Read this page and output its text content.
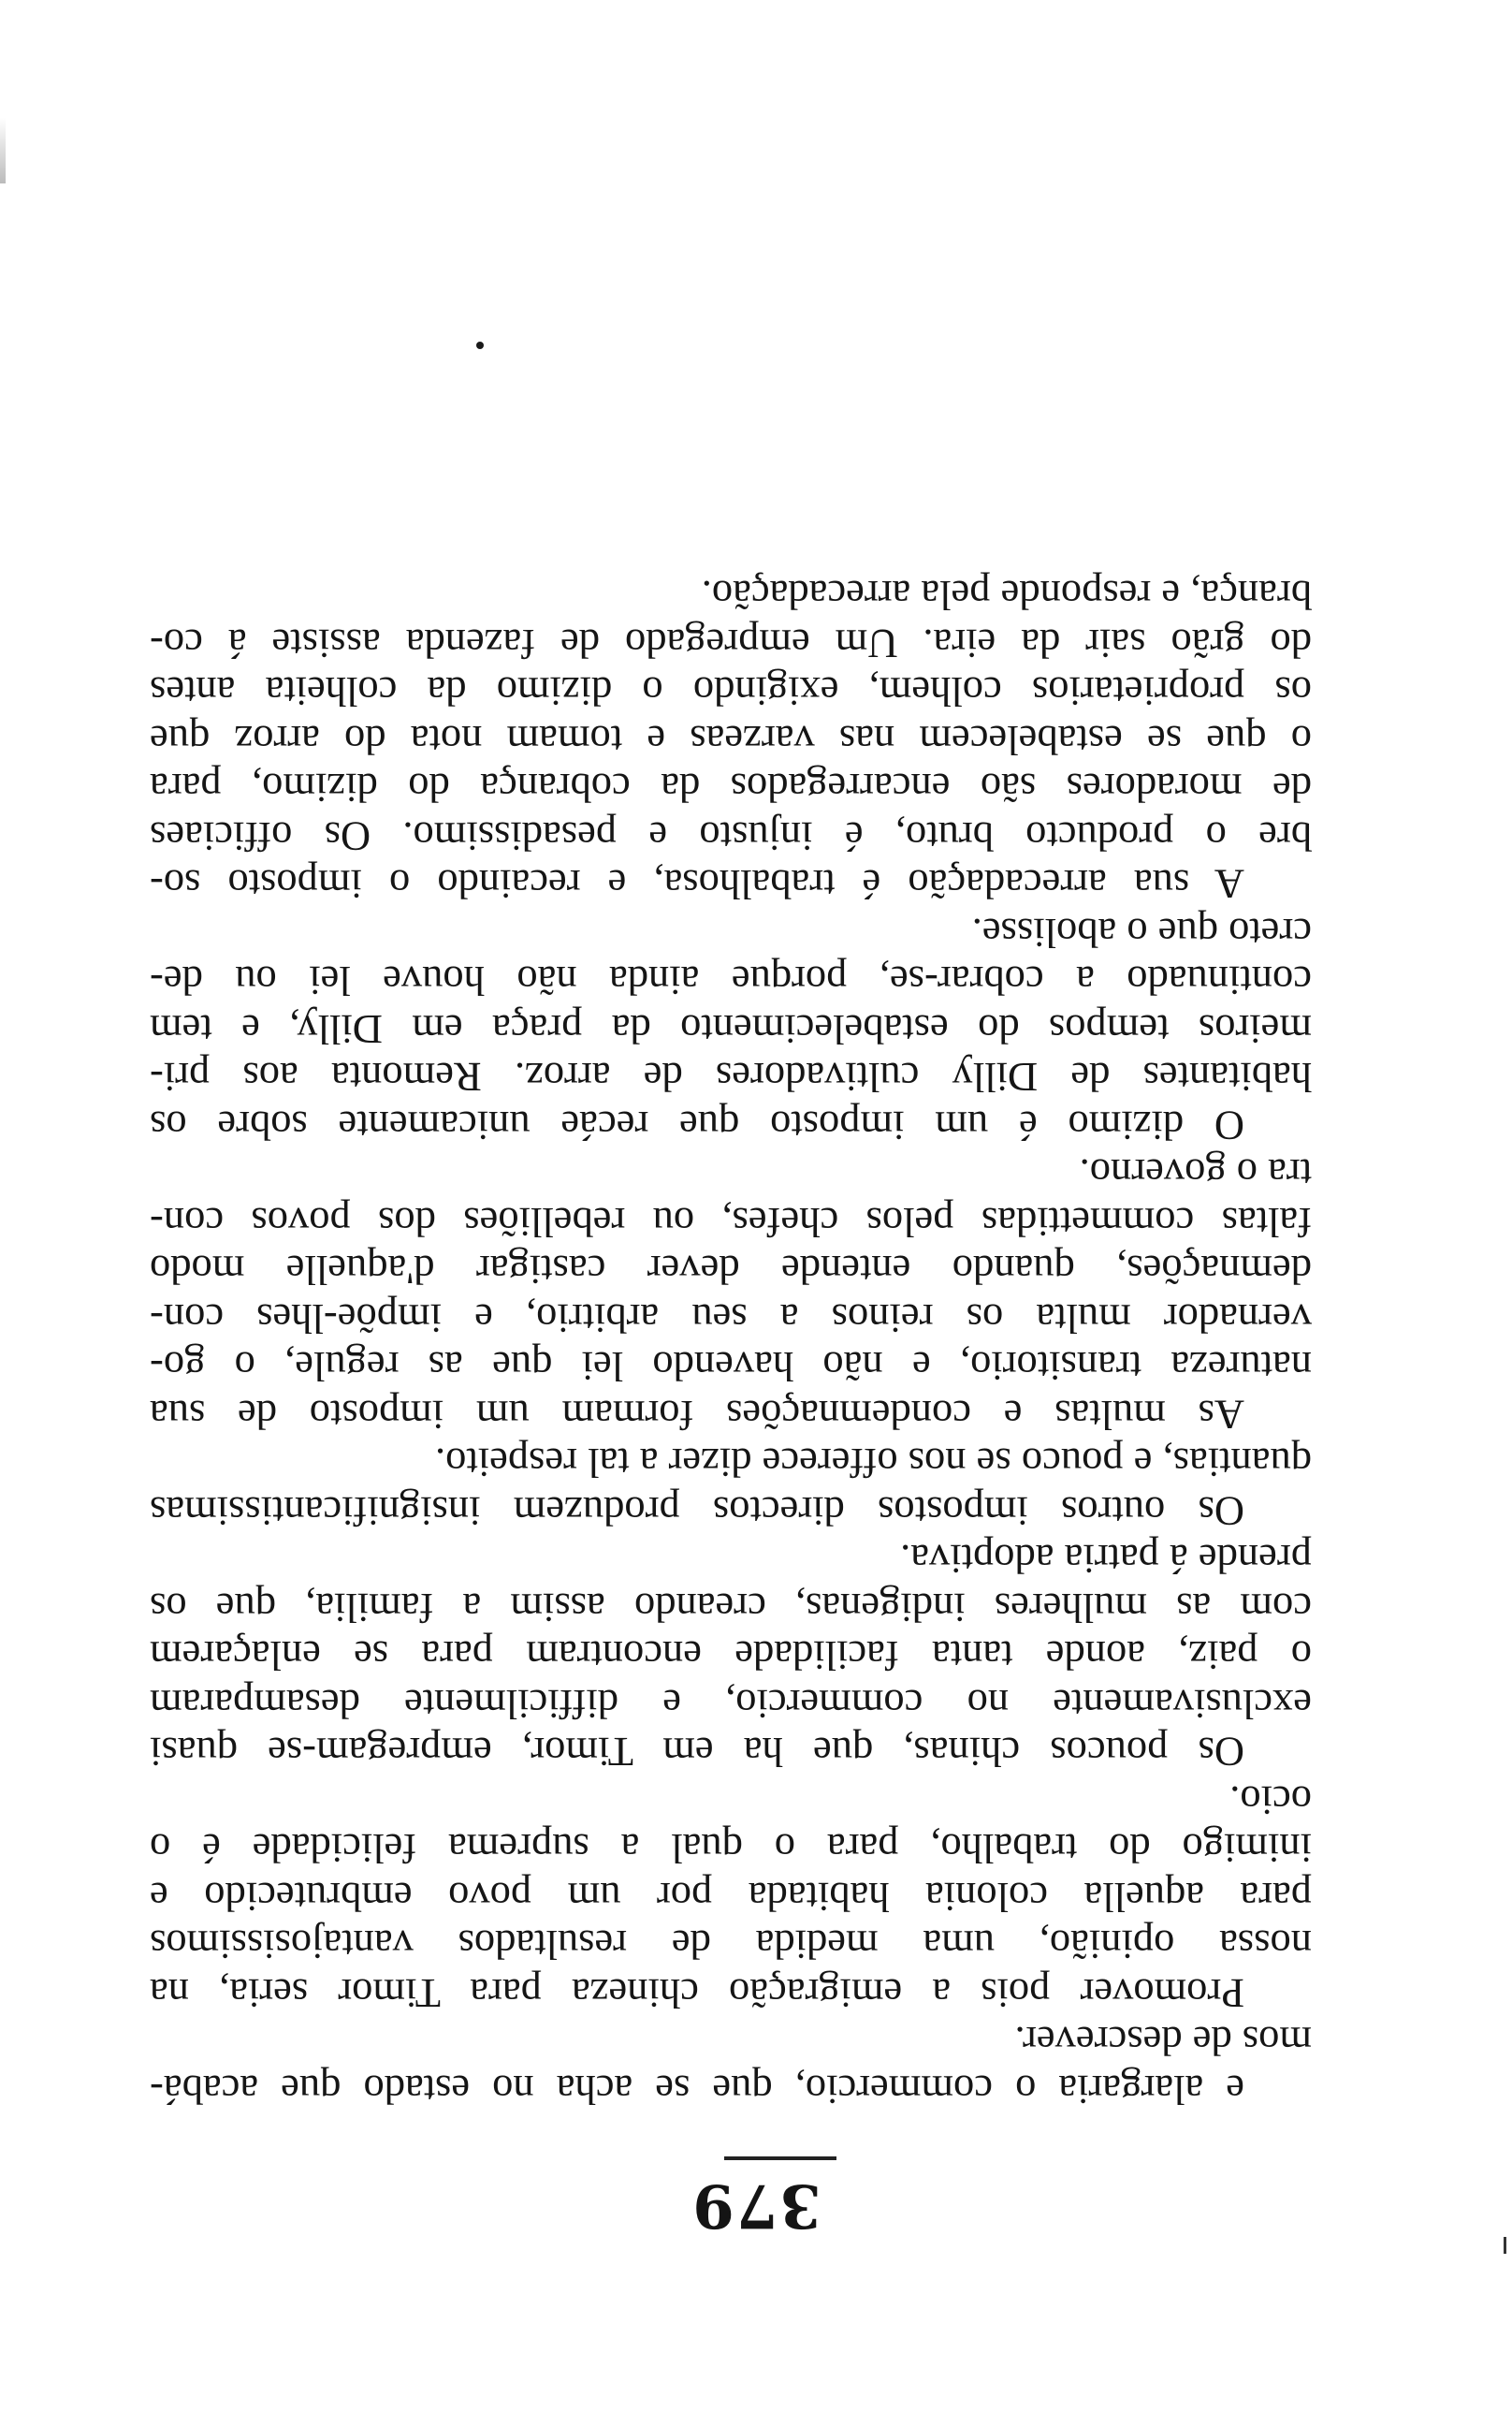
379
e alargaria o commercio, que se acha no estado que acabá-
mos de descrever.
Promover pois a emigração chineza para Timor seria, na
nossa opinião, uma medida de resultados vantajosissimos
para aquella colonia habitada por um povo embrutecido e
inimigo do trabalho, para o qual a suprema felicidade é o
ocio.
Os poucos chinas, que ha em Timor, empregam-se quasi
exclusivamente no commercio, e difficilmente desamparam
o paiz, aonde tanta facilidade encontram para se enlaçarem
com as mulheres indigenas, creando assim a familia, que os
prende á patria adoptiva.
Os outros impostos directos produzem insignificantissimas
quantias, e pouco se nos offerece dizer a tal respeito.
As multas e condemnações formam um imposto de sua
natureza transitorio, e não havendo lei que as regule, o go-
vernador multa os reinos a seu arbitrio, e impõe-lhes con-
demnações, quando entende dever castigar d'aquelle modo
faltas commettidas pelos chefes, ou rebelliões dos povos con-
tra o governo.
O dizimo é um imposto que recáe unicamente sobre os
habitantes de Dilly cultivadores de arroz. Remonta aos pri-
meiros tempos do estabelecimento da praça em Dilly, e tem
continuado a cobrar-se, porque ainda não houve lei ou de-
creto que o abolisse.
A sua arrecadação é trabalhosa, e recaindo o imposto so-
bre o producto bruto, é injusto e pesadissimo. Os officiaes
de moradores são encarregados da cobrança do dizimo, para
o que se estabelecem nas varzeas e tomam nota do arroz que
os proprietarios colhem, exigindo o dizimo da colheita antes
do grão sair da eira. Um empregado de fazenda assiste á co-
brança, e responde pela arrecadação.
